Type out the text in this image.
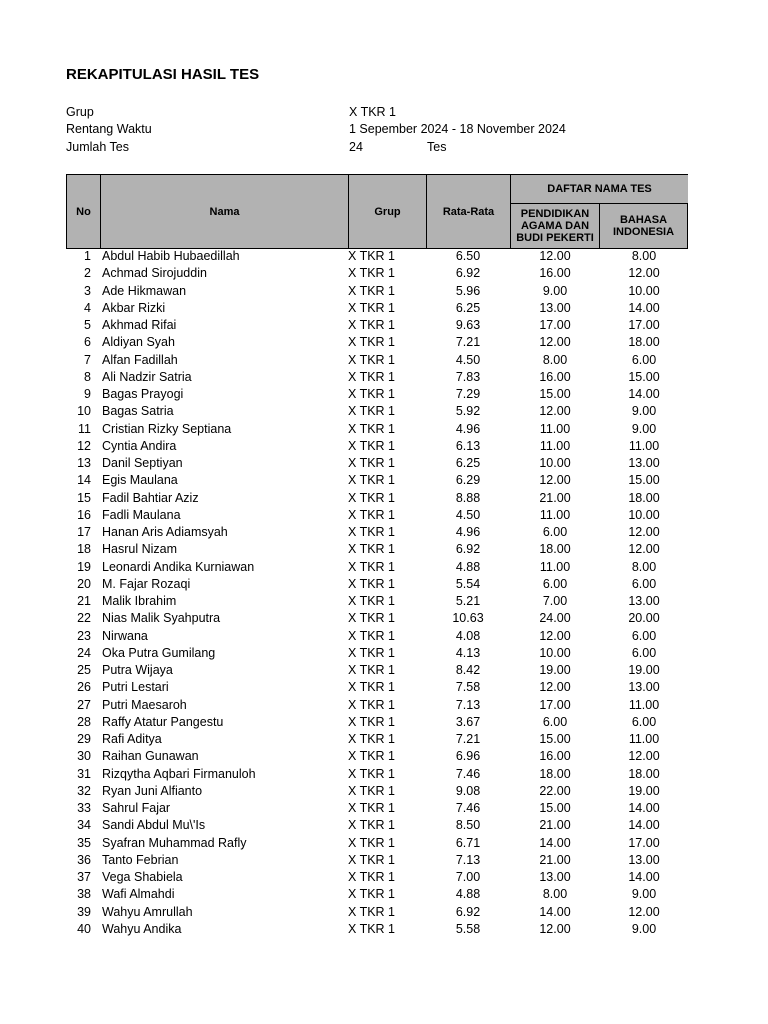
REKAPITULASI HASIL TES
Grup	X TKR 1
Rentang Waktu	1 Sepember 2024 - 18 November 2024
Jumlah Tes	24	Tes
No	Nama	Grup	Rata-Rata
DAFTAR NAMA TES
PENDIDIKAN AGAMA DAN BUDI PEKERTI
BAHASA INDONESIA
1 Abdul Habib Hubaedillah	X TKR 1	6.50	12.00	8.00
2 Achmad Sirojuddin	X TKR 1	6.92	16.00	12.00
3 Ade Hikmawan	X TKR 1	5.96	9.00	10.00
4 Akbar Rizki	X TKR 1	6.25	13.00	14.00
5 Akhmad Rifai	X TKR 1	9.63	17.00	17.00
6 Aldiyan Syah	X TKR 1	7.21	12.00	18.00
7 Alfan Fadillah	X TKR 1	4.50	8.00	6.00
8 Ali Nadzir Satria	X TKR 1	7.83	16.00	15.00
9 Bagas Prayogi	X TKR 1	7.29	15.00	14.00
10 Bagas Satria	X TKR 1	5.92	12.00	9.00
11 Cristian Rizky Septiana	X TKR 1	4.96	11.00	9.00
12 Cyntia Andira	X TKR 1	6.13	11.00	11.00
13 Danil Septiyan	X TKR 1	6.25	10.00	13.00
14 Egis Maulana	X TKR 1	6.29	12.00	15.00
15 Fadil Bahtiar Aziz	X TKR 1	8.88	21.00	18.00
16 Fadli Maulana	X TKR 1	4.50	11.00	10.00
17 Hanan Aris Adiamsyah	X TKR 1	4.96	6.00	12.00
18 Hasrul Nizam	X TKR 1	6.92	18.00	12.00
19 Leonardi Andika Kurniawan	X TKR 1	4.88	11.00	8.00
20 M. Fajar Rozaqi	X TKR 1	5.54	6.00	6.00
21 Malik Ibrahim	X TKR 1	5.21	7.00	13.00
22 Nias Malik Syahputra	X TKR 1	10.63	24.00	20.00
23 Nirwana	X TKR 1	4.08	12.00	6.00
24 Oka Putra Gumilang	X TKR 1	4.13	10.00	6.00
25 Putra Wijaya	X TKR 1	8.42	19.00	19.00
26 Putri Lestari	X TKR 1	7.58	12.00	13.00
27 Putri Maesaroh	X TKR 1	7.13	17.00	11.00
28 Raffy Atatur Pangestu	X TKR 1	3.67	6.00	6.00
29 Rafi Aditya	X TKR 1	7.21	15.00	11.00
30 Raihan Gunawan	X TKR 1	6.96	16.00	12.00
31 Rizqytha Aqbari Firmanuloh	X TKR 1	7.46	18.00	18.00
32 Ryan Juni Alfianto	X TKR 1	9.08	22.00	19.00
33 Sahrul Fajar	X TKR 1	7.46	15.00	14.00
34 Sandi Abdul Mu\'Is	X TKR 1	8.50	21.00	14.00
35 Syafran Muhammad Rafly	X TKR 1	6.71	14.00	17.00
36 Tanto Febrian	X TKR 1	7.13	21.00	13.00
37 Vega Shabiela	X TKR 1	7.00	13.00	14.00
38 Wafi Almahdi	X TKR 1	4.88	8.00	9.00
39 Wahyu Amrullah	X TKR 1	6.92	14.00	12.00
40 Wahyu Andika	X TKR 1	5.58	12.00	9.00
